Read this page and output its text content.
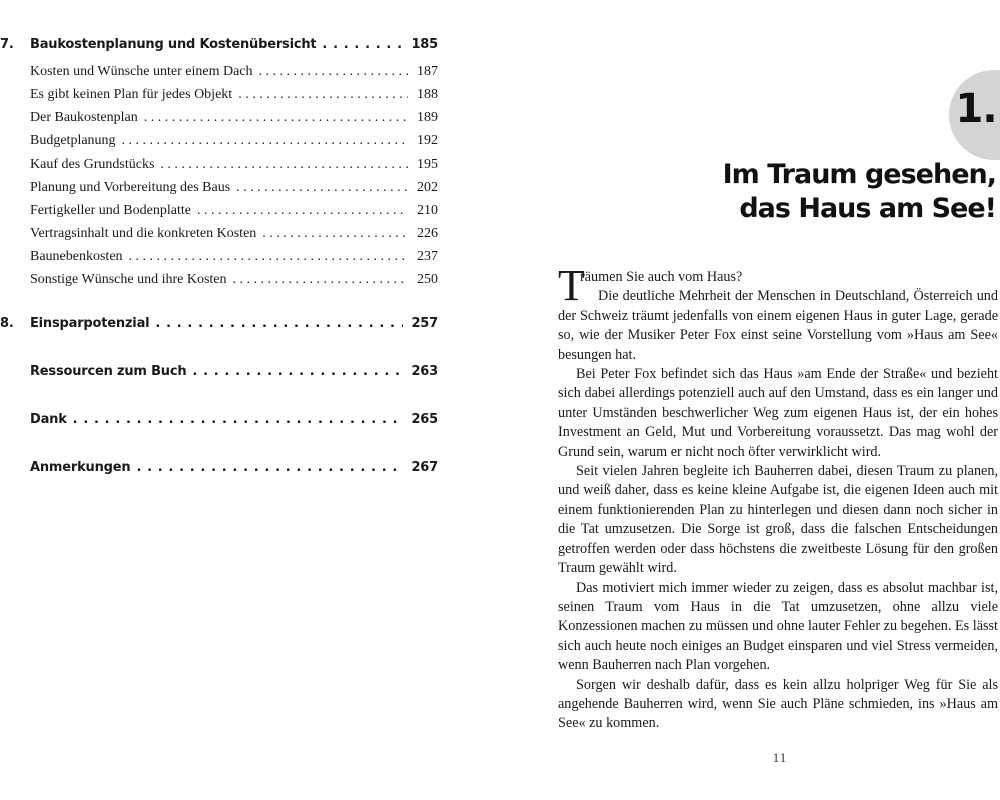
7.	Baukostenplanung und Kostenübersicht . . .	185
Kosten und Wünsche unter einem Dach . . .	187
Es gibt keinen Plan für jedes Objekt . . .	188
Der Baukostenplan . . .	189
Budgetplanung . . .	192
Kauf des Grundstücks . . .	195
Planung und Vorbereitung des Baus . . .	202
Fertigkeller und Bodenplatte . . .	210
Vertragsinhalt und die konkreten Kosten . . .	226
Baunebenkosten . . .	237
Sonstige Wünsche und ihre Kosten . . .	250
8.	Einsparpotenzial . . .	257
Ressourcen zum Buch . . .	263
Dank . . .	265
Anmerkungen . . .	267
1.
Im Traum gesehen,
das Haus am See!
T

räumen Sie auch vom Haus?

Die deutliche Mehrheit der Menschen in Deutschland, Österreich und der Schweiz träumt jedenfalls von einem eigenen Haus in guter Lage, gerade so, wie der Musiker Peter Fox einst seine Vorstellung vom »Haus am See« besungen hat.

Bei Peter Fox befindet sich das Haus »am Ende der Straße« und bezieht sich dabei allerdings potenziell auch auf den Umstand, dass es ein langer und unter Umständen beschwerlicher Weg zum eigenen Haus ist, der ein hohes Investment an Geld, Mut und Vorbereitung voraussetzt. Das mag wohl der Grund sein, warum er nicht noch öfter verwirklicht wird.

Seit vielen Jahren begleite ich Bauherren dabei, diesen Traum zu planen, und weiß daher, dass es keine kleine Aufgabe ist, die eigenen Ideen auch mit einem funktionierenden Plan zu hinterlegen und diesen dann noch sicher in die Tat umzusetzen. Die Sorge ist groß, dass die falschen Entscheidungen getroffen werden oder dass höchstens die zweitbeste Lösung für den großen Traum gewählt wird.

Das motiviert mich immer wieder zu zeigen, dass es absolut machbar ist, seinen Traum vom Haus in die Tat umzusetzen, ohne allzu viele Konzessionen machen zu müssen und ohne lauter Fehler zu begehen. Es lässt sich auch heute noch einiges an Budget einsparen und viel Stress vermeiden, wenn Bauherren nach Plan vorgehen.

Sorgen wir deshalb dafür, dass es kein allzu holpriger Weg für Sie als angehende Bauherren wird, wenn Sie auch Pläne schmieden, ins »Haus am See« zu kommen.

11
